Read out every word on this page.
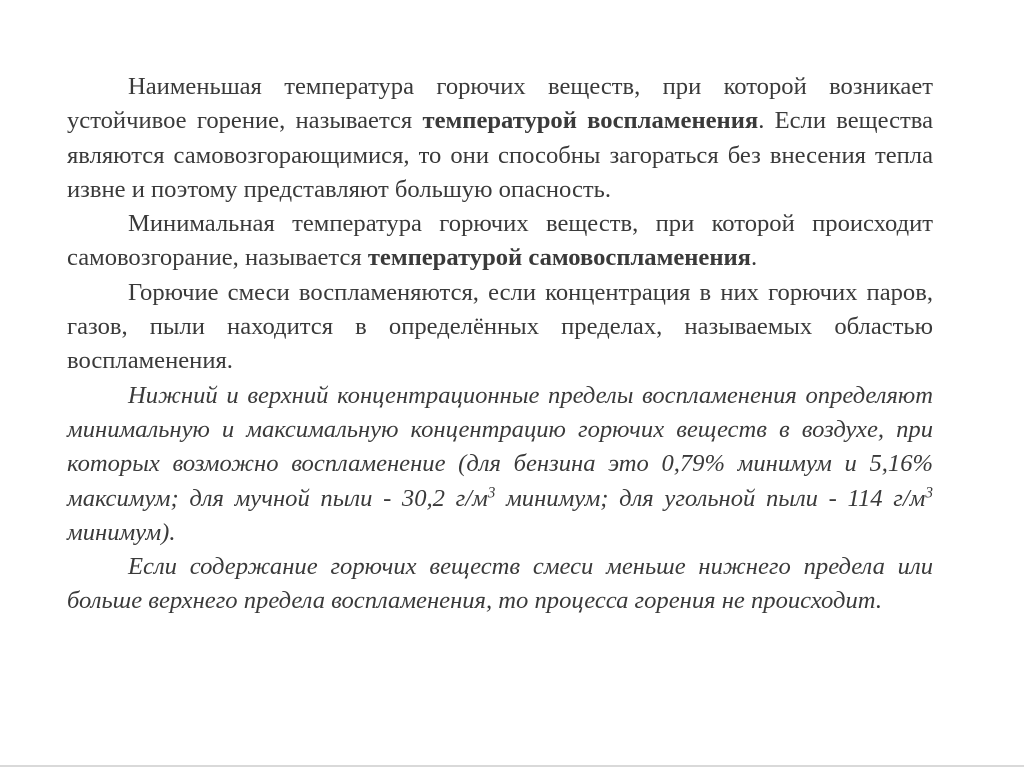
Наименьшая температура горючих веществ, при которой возникает устойчивое горение, называется температурой воспламенения. Если вещества являются самовозгорающимися, то они способны загораться без внесения тепла извне и поэтому представляют большую опасность.

Минимальная температура горючих веществ, при которой происходит самовозгорание, называется температурой самовоспламенения.

Горючие смеси воспламеняются, если концентрация в них горючих паров, газов, пыли находится в определённых пределах, называемых областью воспламенения.

Нижний и верхний концентрационные пределы воспламенения определяют минимальную и максимальную концентрацию горючих веществ в воздухе, при которых возможно воспламенение (для бензина это 0,79% минимум и 5,16% максимум; для мучной пыли - 30,2 $г/м^3$ минимум; для угольной пыли - 114 $г/м^3$ минимум).

Если содержание горючих веществ смеси меньше нижнего предела или больше верхнего предела воспламенения, то процесса горения не происходит.
